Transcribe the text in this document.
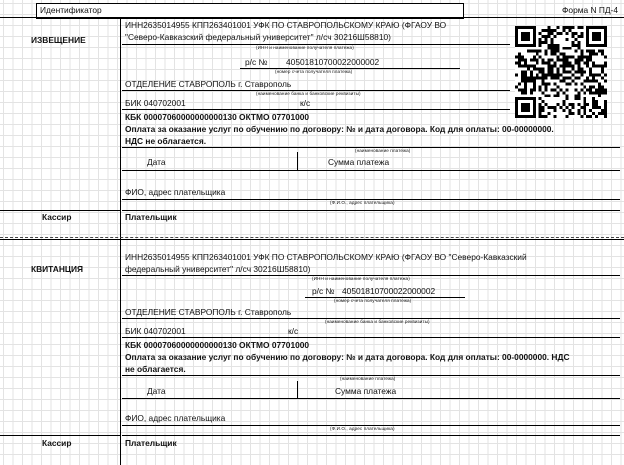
Идентификатор	Форма N ПД-4
ИЗВЕЩЕНИЕ
ИНН2635014955 КПП263401001 УФК ПО СТАВРОПОЛЬСКОМУ КРАЮ (ФГАОУ ВО
"Северо-Кавказский федеральный университет" л/сч 30216Ш58810)
(ИНН и наименование получателя платежа)
р/с № 40501810700022000002
(номер счета получателя платежа)
ОТДЕЛЕНИЕ СТАВРОПОЛЬ г. Ставрополь
(наименование банка и банковские реквизиты)
БИК 040702001	к/с
КБК 00007060000000000130 ОКТМО 07701000
Оплата за оказание услуг по обучению по договору: № и дата договора. Код для оплаты: 00-00000000.
НДС не облагается.
(наименование платежа)
Дата	Сумма платежа
ФИО, адрес плательщика
(Ф.И.О., адрес плательщика)
Кассир	Плательщик
КВИТАНЦИЯ
ИНН2635014955 КПП263401001 УФК ПО СТАВРОПОЛЬСКОМУ КРАЮ (ФГАОУ ВО "Северо-Кавказский
федеральный университет" л/сч 30216Ш58810)
(ИНН и наименование получателя платежа)
р/с № 40501810700022000002
(номер счета получателя платежа)
ОТДЕЛЕНИЕ СТАВРОПОЛЬ г. Ставрополь
(наименование банка и банковские реквизиты)
БИК 040702001	к/с
КБК 00007060000000000130 ОКТМО 07701000
Оплата за оказание услуг по обучению по договору: № и дата договора. Код для оплаты: 00-0000000. НДС
не облагается.
(наименование платежа)
Дата	Сумма платежа
ФИО, адрес плательщика
(Ф.И.О., адрес плательщика)
Кассир	Плательщик
